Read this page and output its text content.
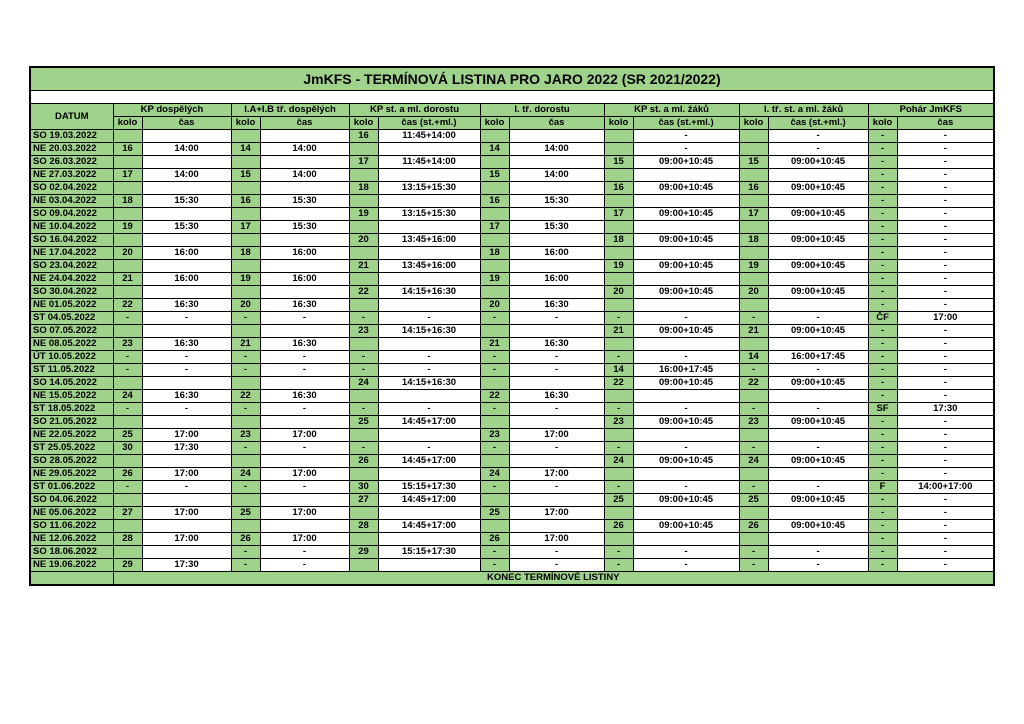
JmKFS - TERMÍNOVÁ LISTINA PRO JARO 2022 (SR 2021/2022)
DATUM	KP dospělých		I.A+I.B tř. dospělých		KP st. a ml. dorostu		I. tř. dorostu		KP st. a ml. žáků		I. tř. st. a ml. žáků		Pohár JmKFS	
	kolo	čas	kolo	čas	kolo	čas (st.+ml.)	kolo	čas	kolo	čas (st.+ml.)	kolo	čas (st.+ml.)	kolo	čas
SO 19.03.2022					16	11:45+14:00				-		-	-	-
NE 20.03.2022	16	14:00	14	14:00			14	14:00		-		-	-	-
SO 26.03.2022					17	11:45+14:00			15	09:00+10:45	15	09:00+10:45	-	-
NE 27.03.2022	17	14:00	15	14:00			15	14:00					-	-
SO 02.04.2022					18	13:15+15:30			16	09:00+10:45	16	09:00+10:45	-	-
NE 03.04.2022	18	15:30	16	15:30			16	15:30					-	-
SO 09.04.2022					19	13:15+15:30			17	09:00+10:45	17	09:00+10:45	-	-
NE 10.04.2022	19	15:30	17	15:30			17	15:30					-	-
SO 16.04.2022					20	13:45+16:00			18	09:00+10:45	18	09:00+10:45	-	-
NE 17.04.2022	20	16:00	18	16:00			18	16:00					-	-
SO 23.04.2022					21	13:45+16:00			19	09:00+10:45	19	09:00+10:45	-	-
NE 24.04.2022	21	16:00	19	16:00			19	16:00					-	-
SO 30.04.2022					22	14:15+16:30			20	09:00+10:45	20	09:00+10:45	-	-
NE 01.05.2022	22	16:30	20	16:30			20	16:30					-	-
ST 04.05.2022	-	-	-	-	-	-	-	-	-	-	-	-	ČF	17:00
SO 07.05.2022					23	14:15+16:30			21	09:00+10:45	21	09:00+10:45	-	-
NE 08.05.2022	23	16:30	21	16:30			21	16:30					-	-
ÚT 10.05.2022	-	-	-	-	-	-	-	-	-	-	14	16:00+17:45	-	-
ST 11.05.2022	-	-	-	-	-	-	-	-	14	16:00+17:45	-	-	-	-
SO 14.05.2022					24	14:15+16:30			22	09:00+10:45	22	09:00+10:45	-	-
NE 15.05.2022	24	16:30	22	16:30			22	16:30					-	-
ST 18.05.2022	-	-	-	-	-	-	-	-	-	-	-	-	SF	17:30
SO 21.05.2022					25	14:45+17:00			23	09:00+10:45	23	09:00+10:45	-	-
NE 22.05.2022	25	17:00	23	17:00			23	17:00					-	-
ST 25.05.2022	30	17:30	-	-	-	-	-	-	-	-	-	-	-	-
SO 28.05.2022					26	14:45+17:00			24	09:00+10:45	24	09:00+10:45	-	-
NE 29.05.2022	26	17:00	24	17:00			24	17:00					-	-
ST 01.06.2022	-	-	-	-	30	15:15+17:30	-	-	-	-	-	-	F	14:00+17:00
SO 04.06.2022					27	14:45+17:00			25	09:00+10:45	25	09:00+10:45	-	-
NE 05.06.2022	27	17:00	25	17:00			25	17:00					-	-
SO 11.06.2022					28	14:45+17:00			26	09:00+10:45	26	09:00+10:45	-	-
NE 12.06.2022	28	17:00	26	17:00			26	17:00					-	-
SO 18.06.2022			-	-	29	15:15+17:30	-	-	-	-	-	-	-	-
NE 19.06.2022	29	17:30	-	-			-	-	-	-	-	-	-	-
	KONEC TERMÍNOVÉ LISTINY													
